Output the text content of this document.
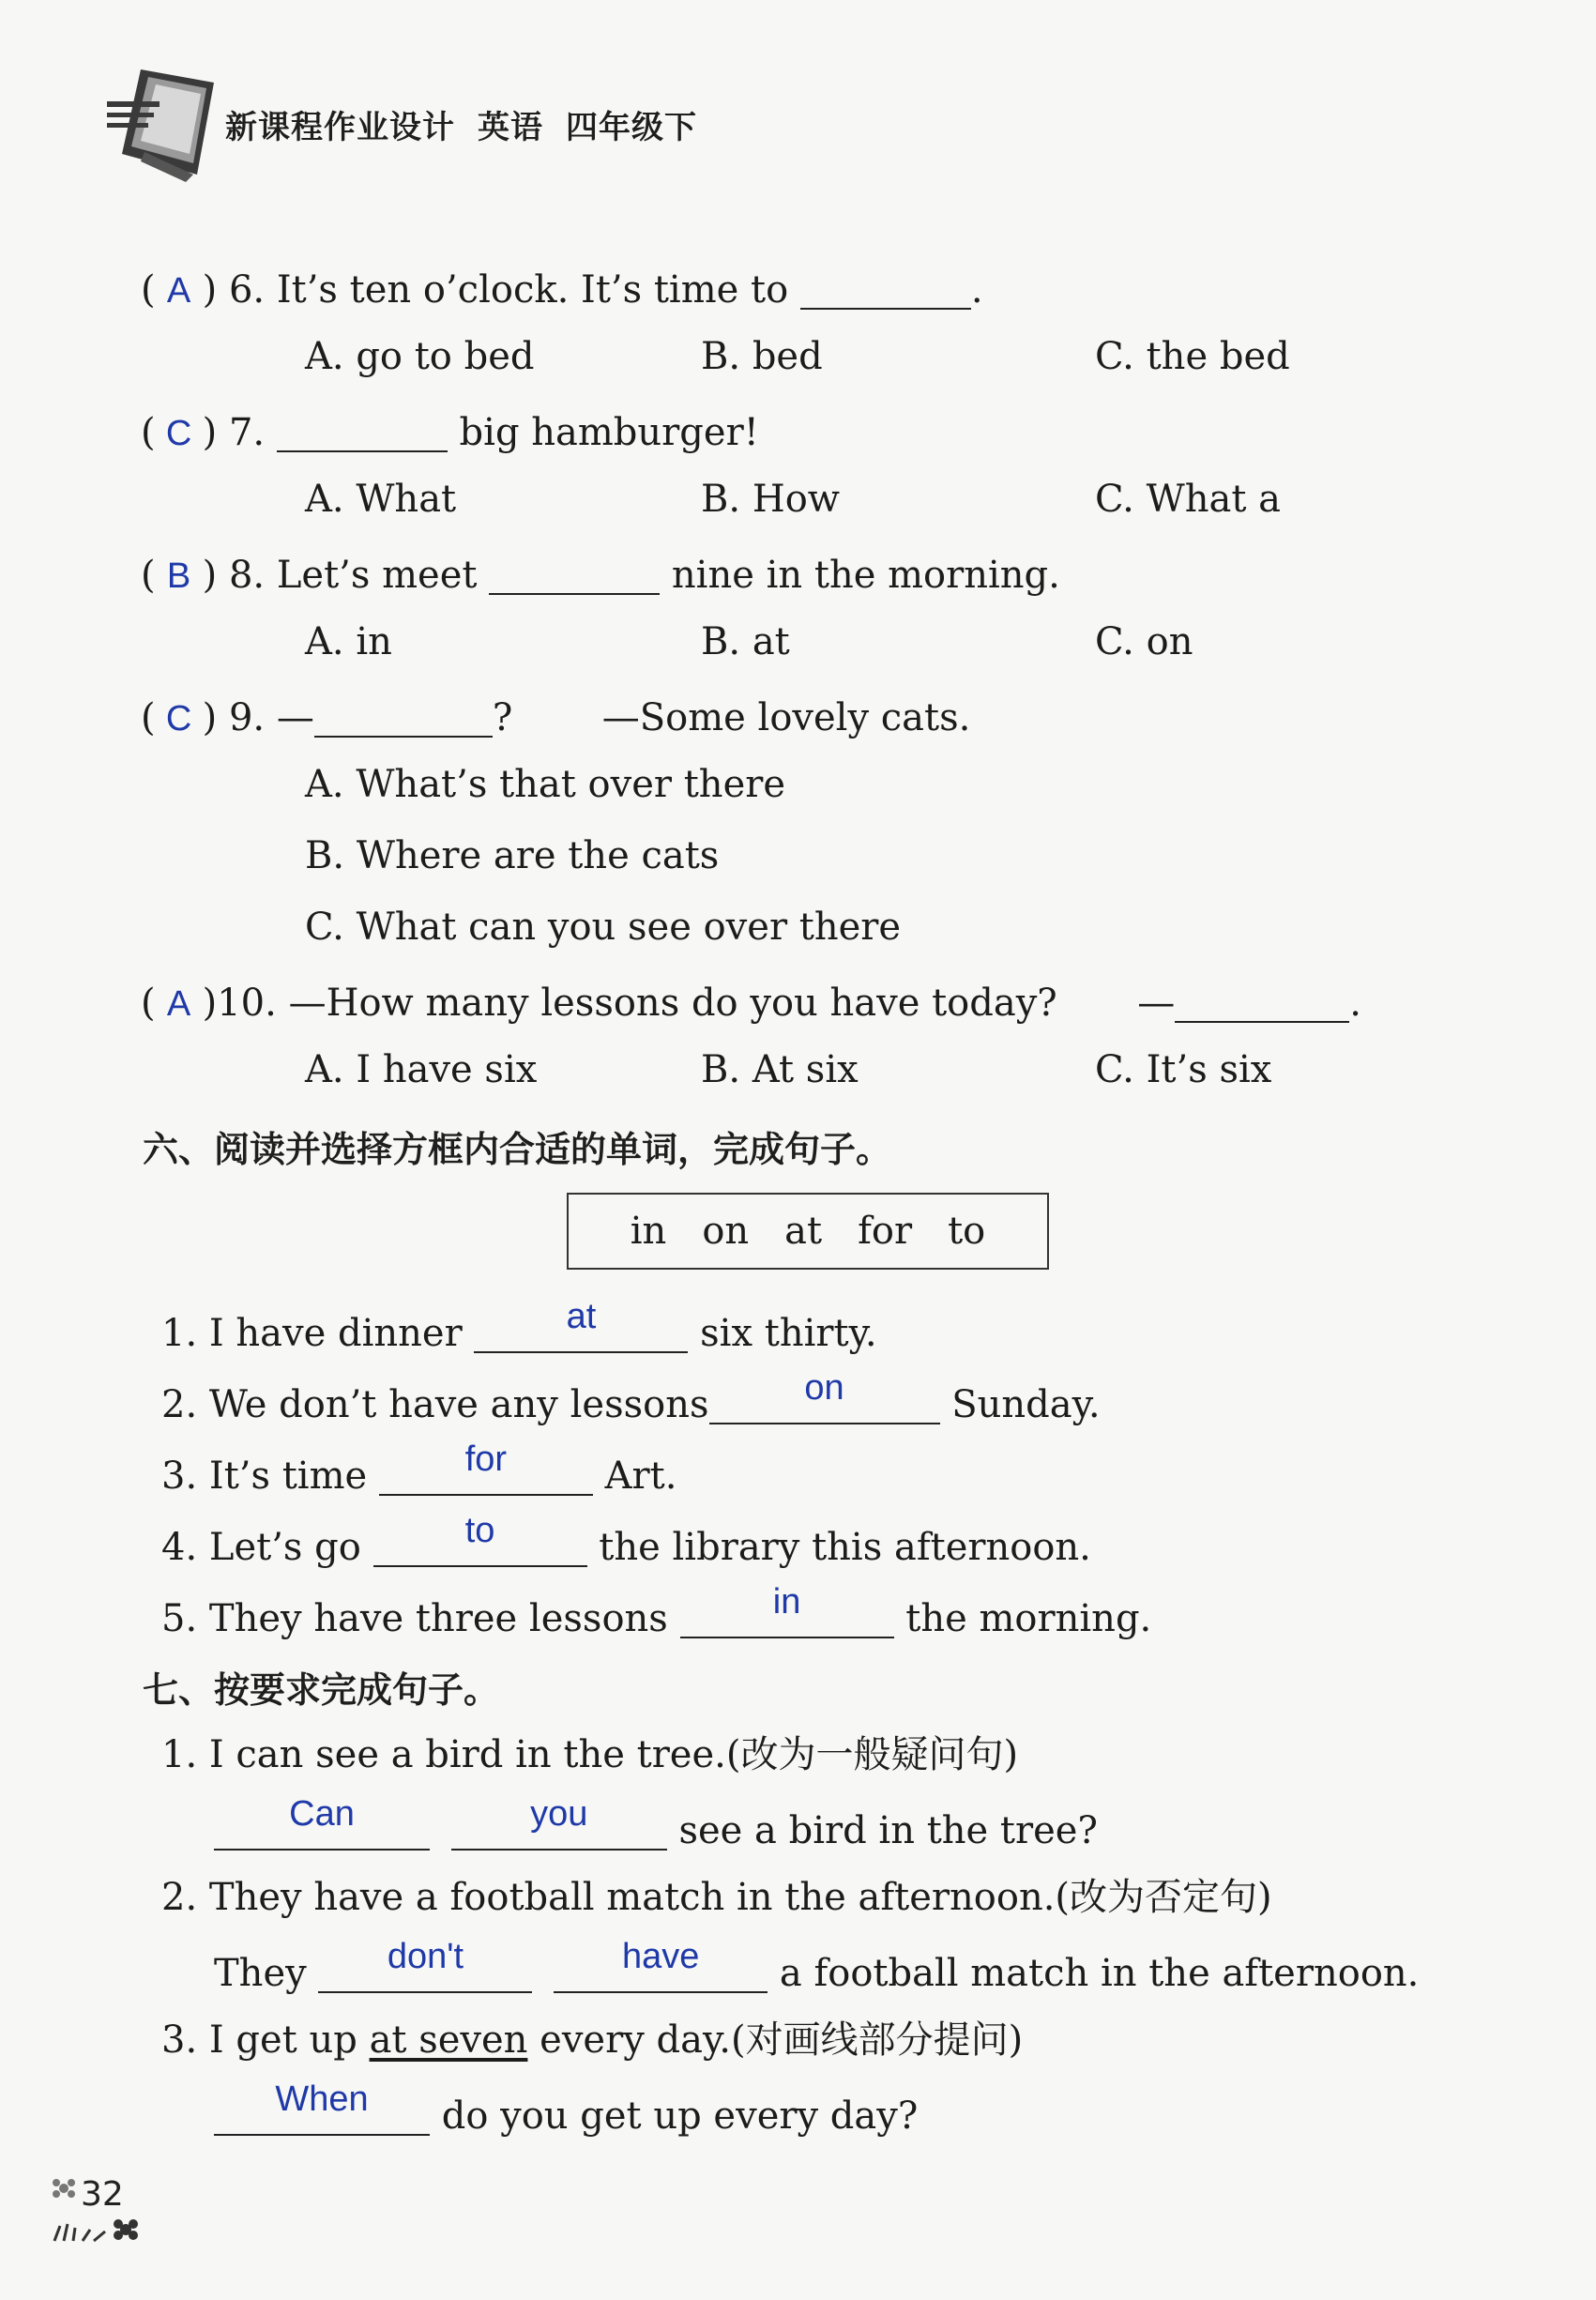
新课程作业设计 英语 四年级下
( A ) 6. It’s ten o’clock. It’s time to	.
A. go to bed	B. bed	C. the bed
( C ) 7.	big hamburger!
A. What	B. How	C. What a
( B ) 8. Let’s meet	nine in the morning.
A. in	B. at	C. on
( C ) 9. —	? —Some lovely cats.
A. What’s that over there
B. Where are the cats
C. What can you see over there
( A )10. —How many lessons do you have today? —	.
A. I have six	B. At six	C. It’s six
六、阅读并选择方框内合适的单词，完成句子。
in on at for to
1. I have dinner	at	six thirty.
2. We don’t have any lessons	on	Sunday.
3. It’s time	for	Art.
4. Let’s go	to	the library this afternoon.
5. They have three lessons	in	the morning.
七、按要求完成句子。
1. I can see a bird in the tree.(改为一般疑问句)
Can
	you	see a bird in the tree?
2. They have a football match in the afternoon.(改为否定句)
They	don't
	have	a football match in the afternoon.
3. I get up at seven every day.(对画线部分提问)
When	do you get up every day?
32
